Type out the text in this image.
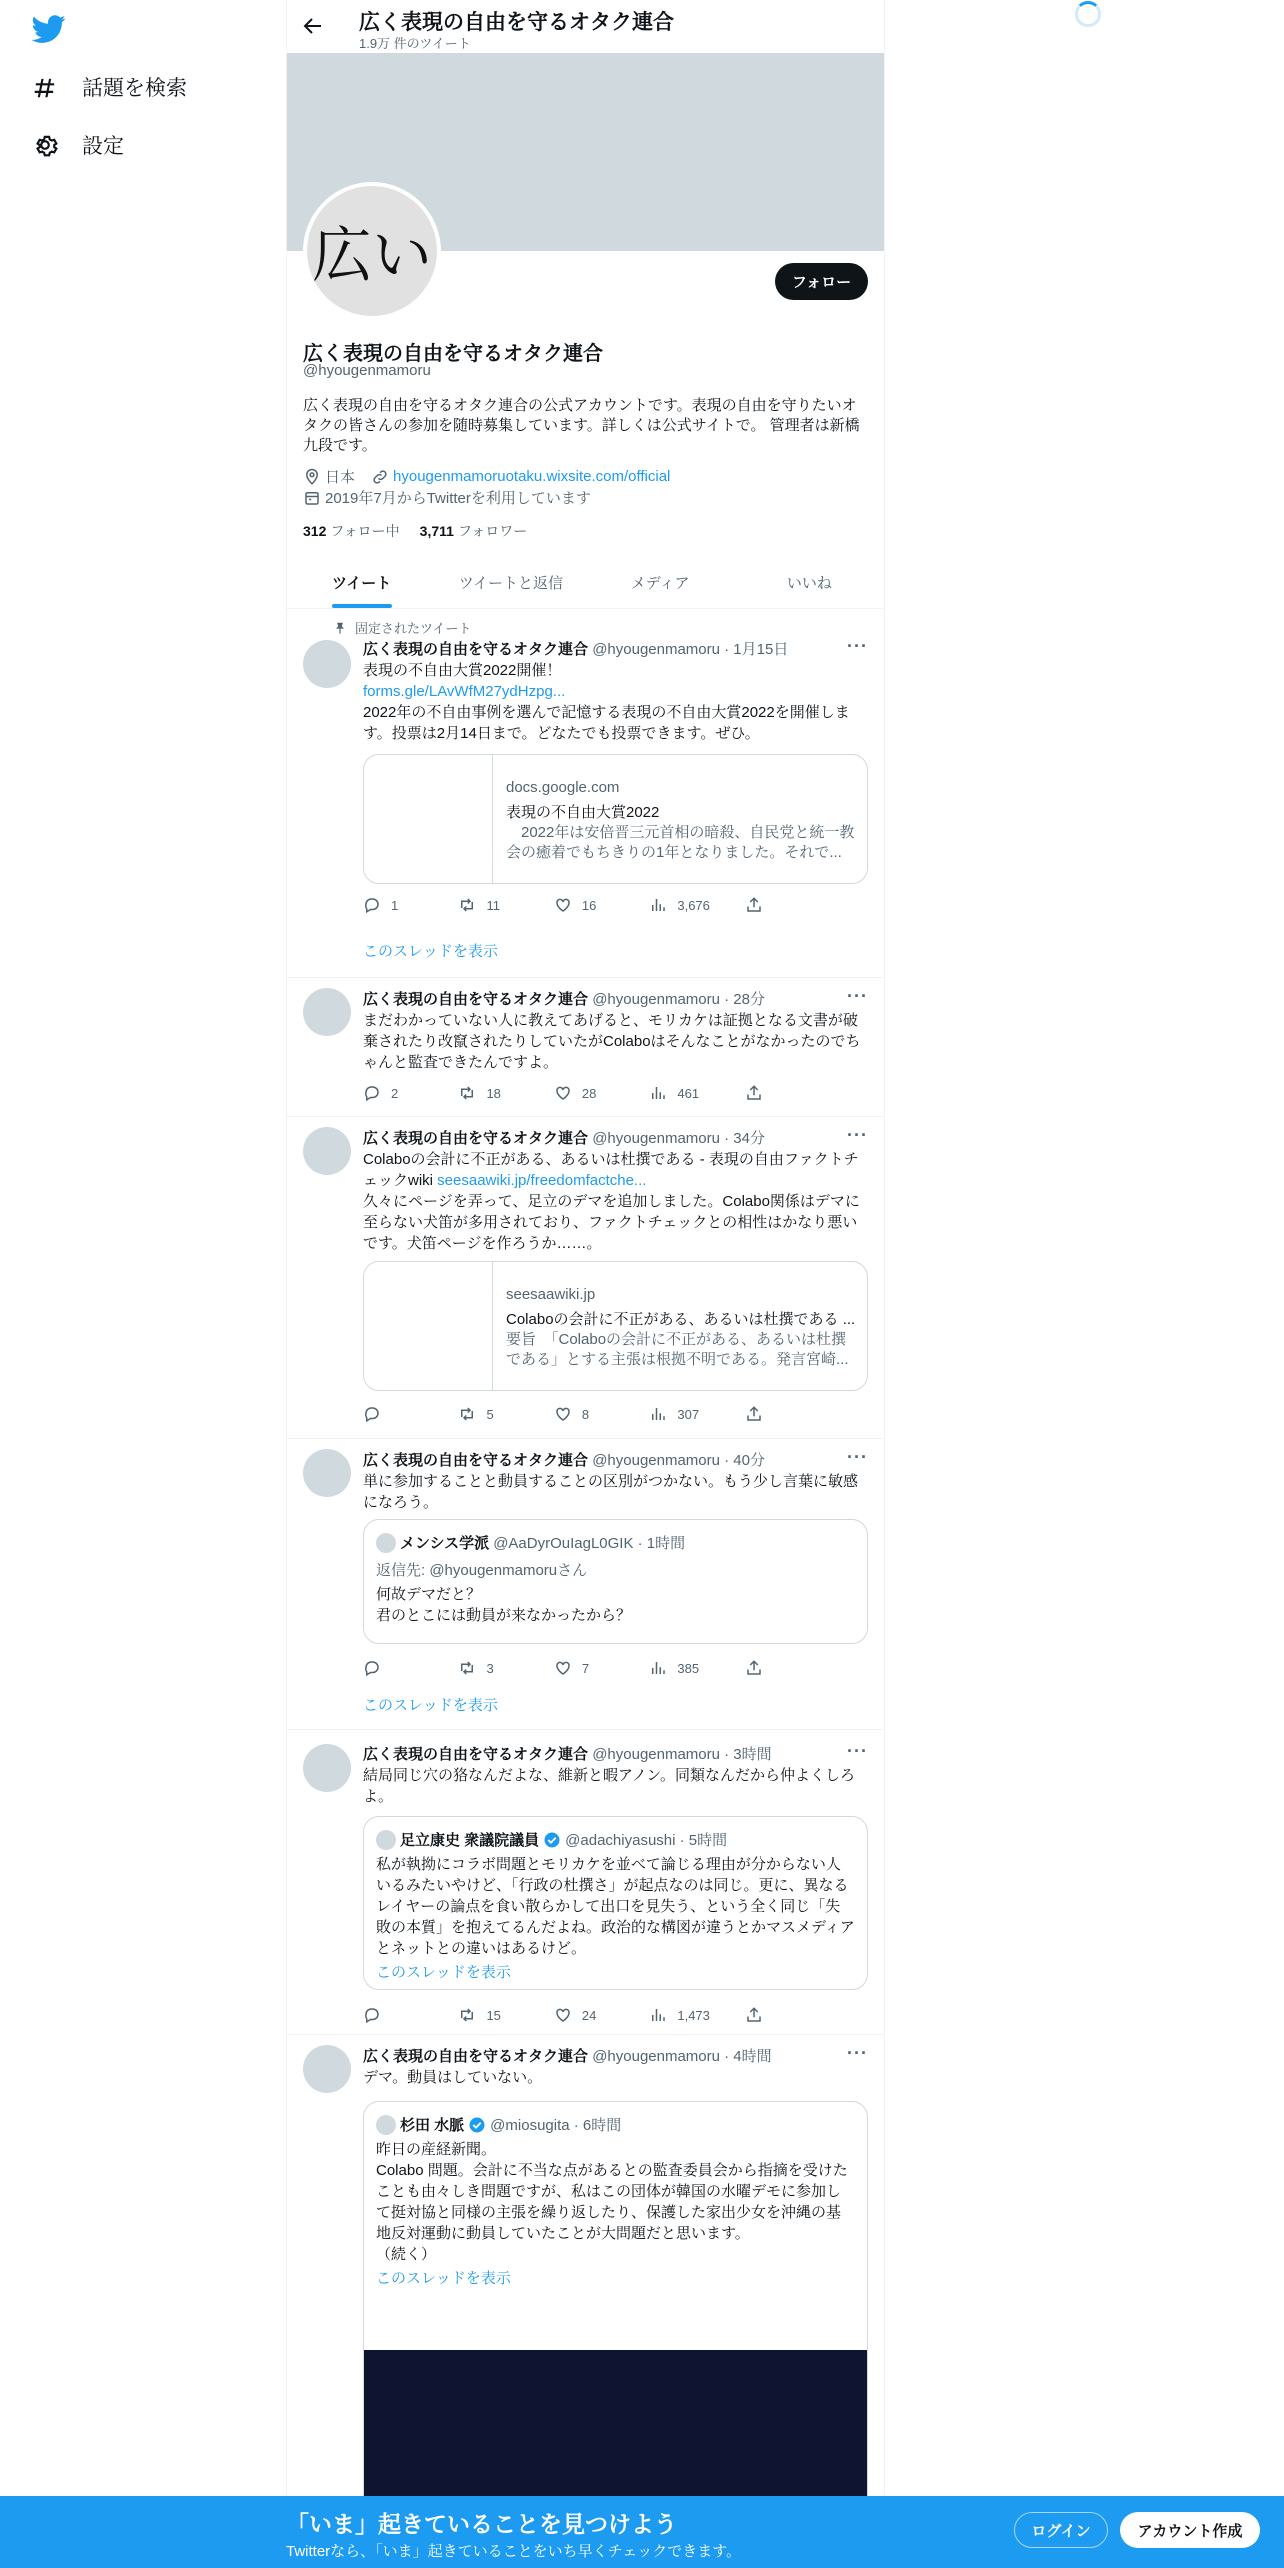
話題を検索
設定
広く表現の自由を守るオタク連合
1.9万 件のツイート
広い	フォロー
広く表現の自由を守るオタク連合
@hyougenmamoru
広く表現の自由を守るオタク連合の公式アカウントです。表現の自由を守りたいオタクの皆さんの参加を随時募集しています。詳しくは公式サイトで。 管理者は新橋九段です。
日本	hyougenmamoruotaku.wixsite.com/official
2019年7月からTwitterを利用しています
312 フォロー中 3,711 フォロワー
ツイート	ツイートと返信	メディア	いいね
固定されたツイート
広く表現の自由を守るオタク連合 @hyougenmamoru · 1月15日	···
表現の不自由大賞2022開催！
forms.gle/LAvWfM27ydHzpg...
2022年の不自由事例を選んで記憶する表現の不自由大賞2022を開催します。投票は2月14日まで。どなたでも投票できます。ぜひ。
docs.google.com
表現の不自由大賞2022
　2022年は安倍晋三元首相の暗殺、自民党と統一教会の癒着でもちきりの1年となりました。それで...
1	11	16	3,676
このスレッドを表示
広く表現の自由を守るオタク連合 @hyougenmamoru · 28分	···
まだわかっていない人に教えてあげると、モリカケは証拠となる文書が破棄されたり改竄されたりしていたがColaboはそんなことがなかったのでちゃんと監査できたんですよ。
2	18	28	461
広く表現の自由を守るオタク連合 @hyougenmamoru · 34分	···
Colaboの会計に不正がある、あるいは杜撰である - 表現の自由ファクトチェックwiki seesaawiki.jp/freedomfactche...
久々にページを弄って、足立のデマを追加しました。Colabo関係はデマに至らない犬笛が多用されており、ファクトチェックとの相性はかなり悪いです。犬笛ページを作ろうか……。
seesaawiki.jp
Colaboの会計に不正がある、あるいは杜撰である ...
要旨　「Colaboの会計に不正がある、あるいは杜撰である」とする主張は根拠不明である。発言宮崎...
5	8	307
広く表現の自由を守るオタク連合 @hyougenmamoru · 40分	···
単に参加することと動員することの区別がつかない。もう少し言葉に敏感になろう。
メンシス学派 @AaDyrOuIagL0GIK · 1時間
返信先: @hyougenmamoruさん
何故デマだと？
君のとこには動員が来なかったから？
3	7	385
このスレッドを表示
広く表現の自由を守るオタク連合 @hyougenmamoru · 3時間	···
結局同じ穴の狢なんだよな、維新と暇アノン。同類なんだから仲よくしろよ。
足立康史 衆議院議員 @adachiyasushi · 5時間
私が執拗にコラボ問題とモリカケを並べて論じる理由が分からない人いるみたいやけど、「行政の杜撰さ」が起点なのは同じ。更に、異なるレイヤーの論点を食い散らかして出口を見失う、という全く同じ「失敗の本質」を抱えてるんだよね。政治的な構図が違うとかマスメディアとネットとの違いはあるけど。
このスレッドを表示
15	24	1,473
広く表現の自由を守るオタク連合 @hyougenmamoru · 4時間	···
デマ。動員はしていない。
杉田 水脈 @miosugita · 6時間
昨日の産経新聞。
Colabo 問題。会計に不当な点があるとの監査委員会から指摘を受けたことも由々しき問題ですが、私はこの団体が韓国の水曜デモに参加して挺対協と同様の主張を繰り返したり、保護した家出少女を沖縄の基地反対運動に動員していたことが大問題だと思います。
（続く）
このスレッドを表示
「いま」起きていることを見つけよう
Twitterなら、「いま」起きていることをいち早くチェックできます。
ログイン	アカウント作成
